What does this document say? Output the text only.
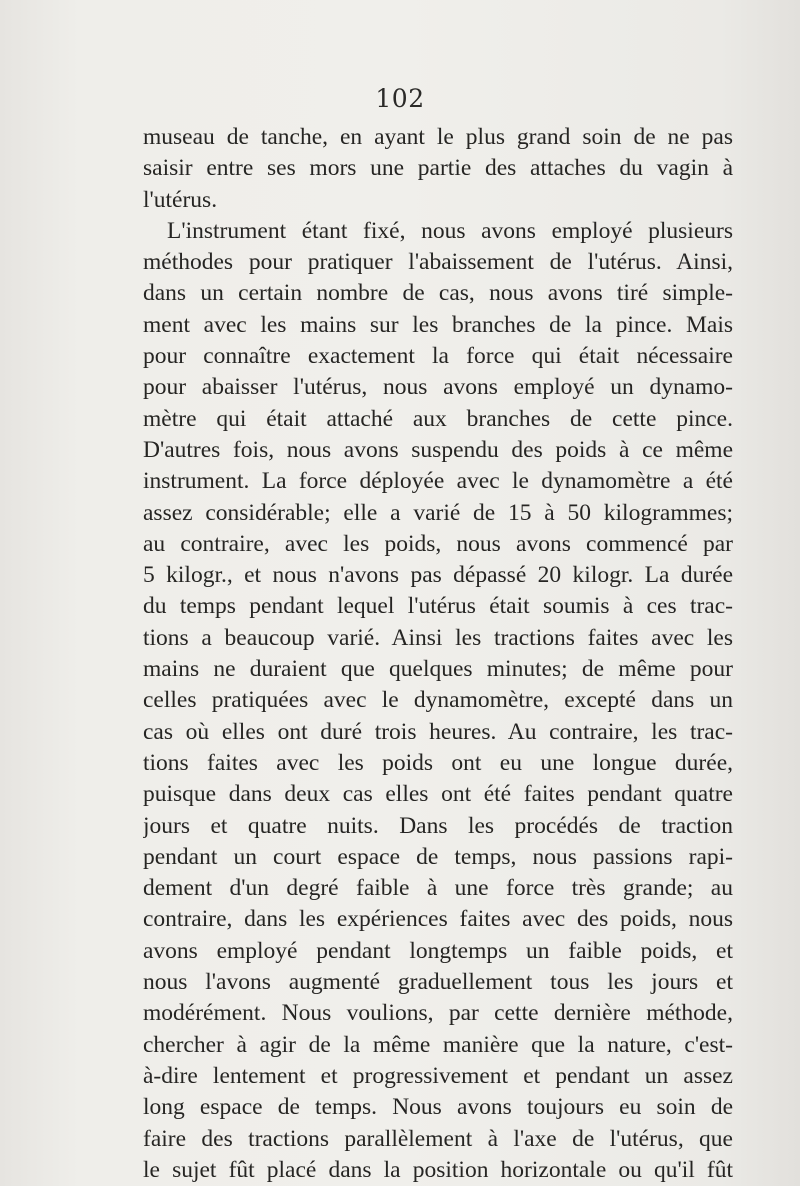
102
museau de tanche, en ayant le plus grand soin de ne pas
saisir entre ses mors une partie des attaches du vagin à
l'utérus.
L'instrument étant fixé, nous avons employé plusieurs
méthodes pour pratiquer l'abaissement de l'utérus. Ainsi,
dans un certain nombre de cas, nous avons tiré simple-
ment avec les mains sur les branches de la pince. Mais
pour connaître exactement la force qui était nécessaire
pour abaisser l'utérus, nous avons employé un dynamo-
mètre qui était attaché aux branches de cette pince.
D'autres fois, nous avons suspendu des poids à ce même
instrument. La force déployée avec le dynamomètre a été
assez considérable; elle a varié de 15 à 50 kilogrammes;
au contraire, avec les poids, nous avons commencé par
5 kilogr., et nous n'avons pas dépassé 20 kilogr. La durée
du temps pendant lequel l'utérus était soumis à ces trac-
tions a beaucoup varié. Ainsi les tractions faites avec les
mains ne duraient que quelques minutes; de même pour
celles pratiquées avec le dynamomètre, excepté dans un
cas où elles ont duré trois heures. Au contraire, les trac-
tions faites avec les poids ont eu une longue durée,
puisque dans deux cas elles ont été faites pendant quatre
jours et quatre nuits. Dans les procédés de traction
pendant un court espace de temps, nous passions rapi-
dement d'un degré faible à une force très grande; au
contraire, dans les expériences faites avec des poids, nous
avons employé pendant longtemps un faible poids, et
nous l'avons augmenté graduellement tous les jours et
modérément. Nous voulions, par cette dernière méthode,
chercher à agir de la même manière que la nature, c'est-
à-dire lentement et progressivement et pendant un assez
long espace de temps. Nous avons toujours eu soin de
faire des tractions parallèlement à l'axe de l'utérus, que
le sujet fût placé dans la position horizontale ou qu'il fût
